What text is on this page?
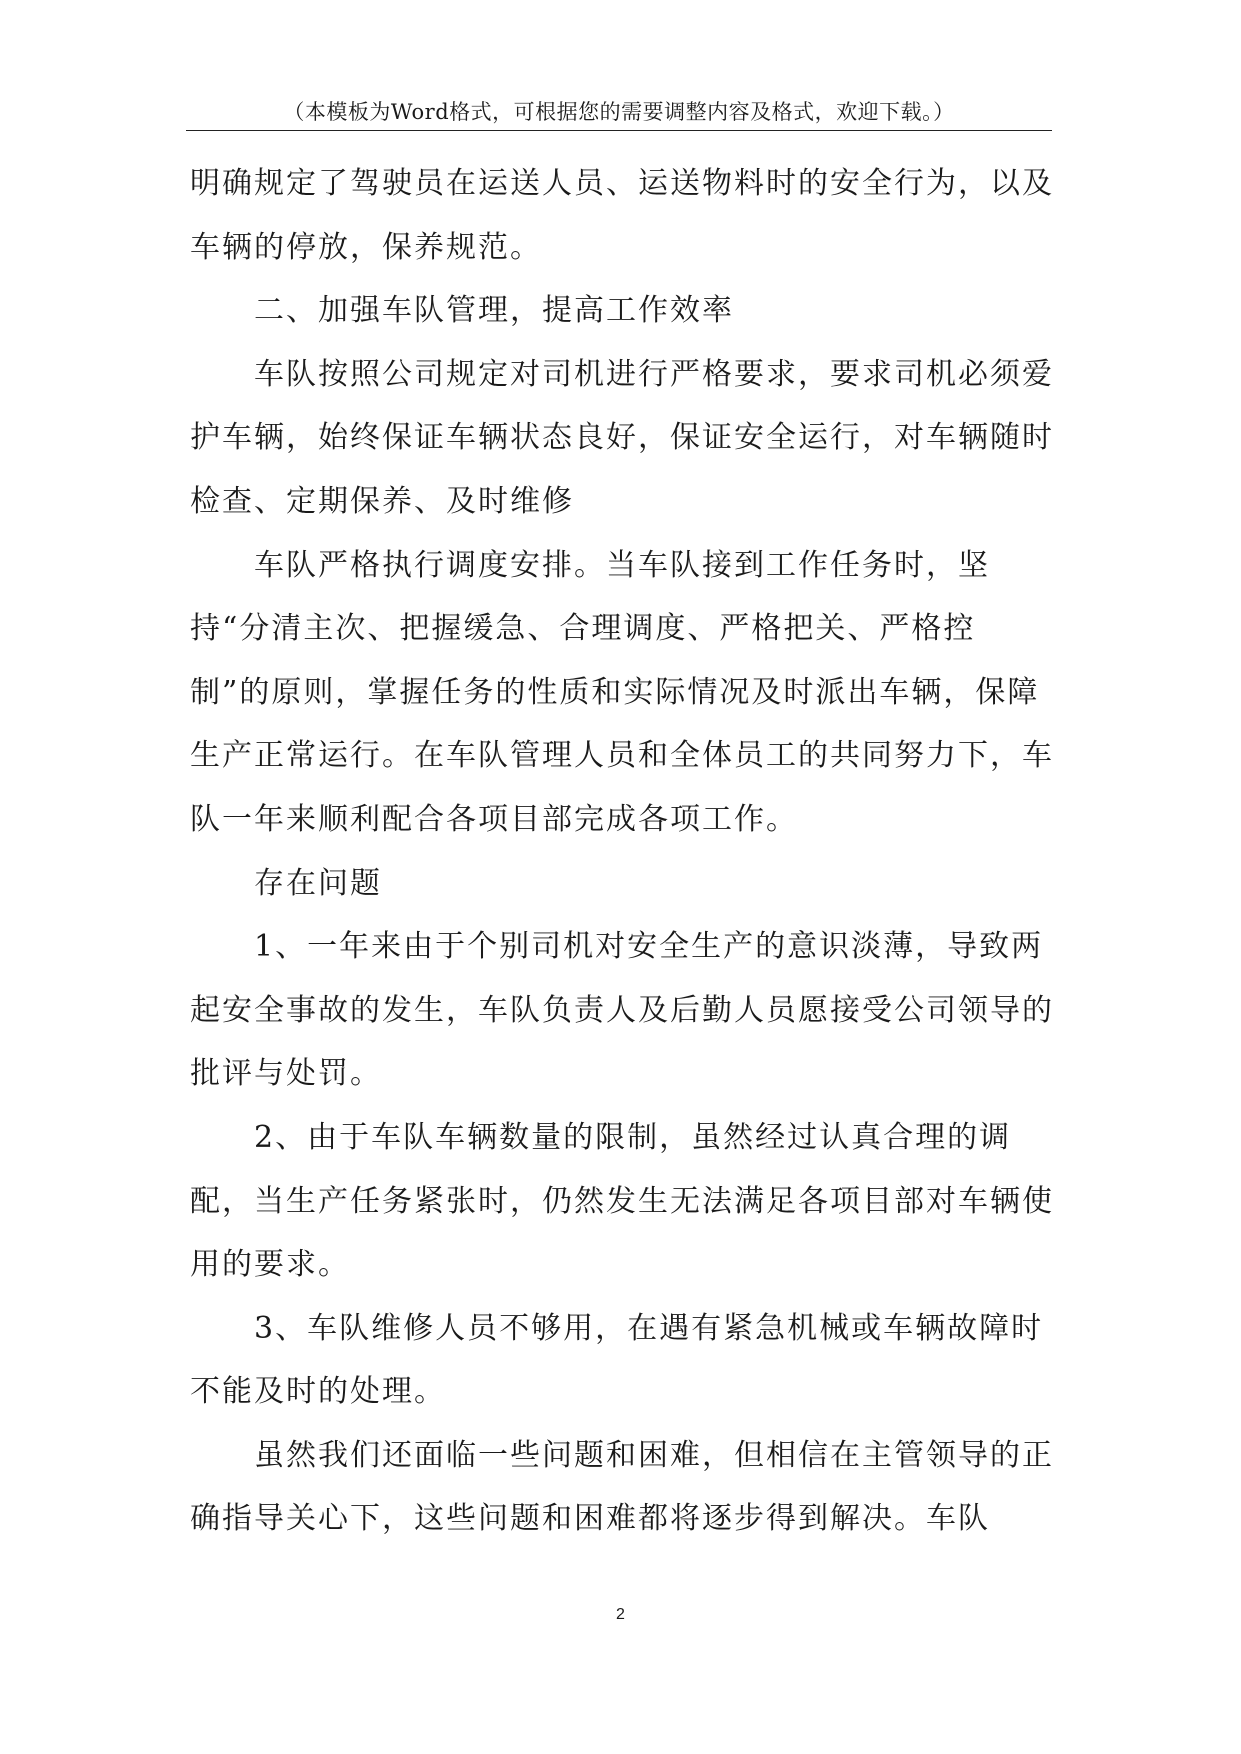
（本模板为Word格式，可根据您的需要调整内容及格式，欢迎下载。）

明确规定了驾驶员在运送人员、运送物料时的安全行为，以及车辆的停放，保养规范。

二、加强车队管理，提高工作效率

车队按照公司规定对司机进行严格要求，要求司机必须爱护车辆，始终保证车辆状态良好，保证安全运行，对车辆随时检查、定期保养、及时维修

车队严格执行调度安排。当车队接到工作任务时，坚持“分清主次、把握缓急、合理调度、严格把关、严格控制”的原则，掌握任务的性质和实际情况及时派出车辆，保障生产正常运行。在车队管理人员和全体员工的共同努力下，车队一年来顺利配合各项目部完成各项工作。

存在问题

1、一年来由于个别司机对安全生产的意识淡薄，导致两起安全事故的发生，车队负责人及后勤人员愿接受公司领导的批评与处罚。

2、由于车队车辆数量的限制，虽然经过认真合理的调配，当生产任务紧张时，仍然发生无法满足各项目部对车辆使用的要求。

3、车队维修人员不够用，在遇有紧急机械或车辆故障时不能及时的处理。

虽然我们还面临一些问题和困难，但相信在主管领导的正确指导关心下，这些问题和困难都将逐步得到解决。车队

2
